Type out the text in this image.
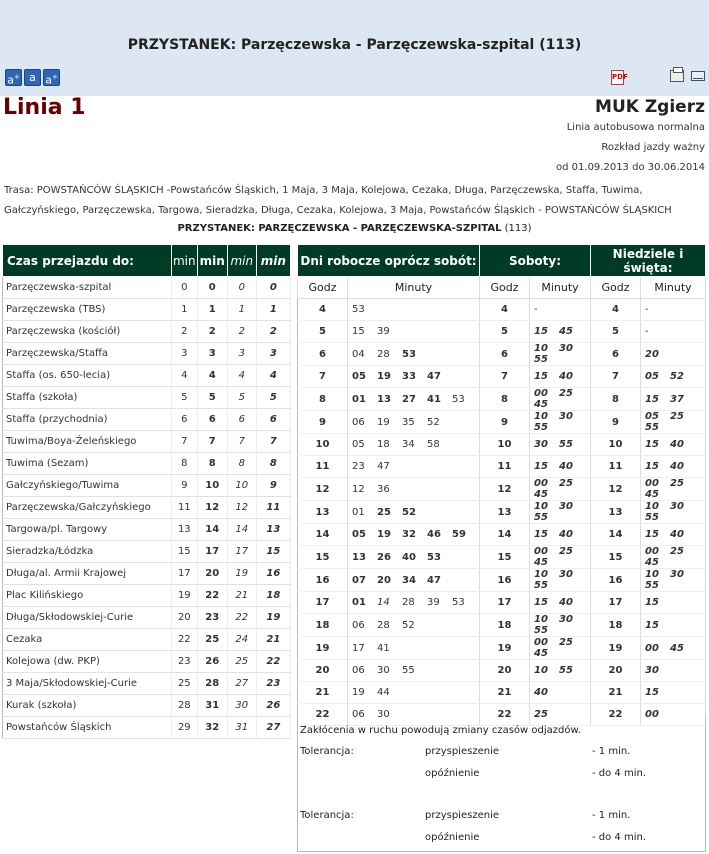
PRZYSTANEK: Parzęczewska - Parzęczewska-szpital (113)
a+ a a+	PDF
Linia 1	MUK Zgierz
Linia autobusowa normalna
Rozkład jazdy ważny
od 01.09.2013 do 30.06.2014
Trasa: POWSTAŃCÓW ŚLĄSKICH -Powstańców Śląskich, 1 Maja, 3 Maja, Kolejowa, Cezaka, Długa, Parzęczewska, Staffa, Tuwima, Gałczyńskiego, Parzęczewska, Targowa, Sieradzka, Długa, Cezaka, Kolejowa, 3 Maja, Powstańców Śląskich - POWSTAŃCÓW ŚLĄSKICH
PRZYSTANEK: PARZĘCZEWSKA - PARZĘCZEWSKA-SZPITAL (113)
Czas przejazdu do:	min	min	min	min
Parzęczewska-szpital	0	0	0	0
Parzęczewska (TBS)	1	1	1	1
Parzęczewska (kościół)	2	2	2	2
Parzęczewska/Staffa	3	3	3	3
Staffa (os. 650-lecia)	4	4	4	4
Staffa (szkoła)	5	5	5	5
Staffa (przychodnia)	6	6	6	6
Tuwima/Boya-Żeleńskiego	7	7	7	7
Tuwima (Sezam)	8	8	8	8
Gałczyńskiego/Tuwima	9	10	10	9
Parzęczewska/Gałczyńskiego	11	12	12	11
Targowa/pl. Targowy	13	14	14	13
Sieradzka/Łódzka	15	17	17	15
Długa/al. Armii Krajowej	17	20	19	16
Plac Kilińskiego	19	22	21	18
Długa/Skłodowskiej-Curie	20	23	22	19
Cezaka	22	25	24	21
Kolejowa (dw. PKP)	23	26	25	22
3 Maja/Skłodowskiej-Curie	25	28	27	23
Kurak (szkoła)	28	31	30	26
Powstańców Śląskich	29	32	31	27
Dni robocze oprócz sobót:		Soboty:		Niedziele i święta:	
Godz	Minuty	Godz	Minuty	Godz	Minuty
4	53	4	-	4	-
5	15 39	5	15 45	5	-
6	04 28 53	6	10 3055	6	20
7	05 19 33 47	7	15 40	7	05 52
8	01 13 27 41 53	8	00 2545	8	15 37
9	06 19 35 52	9	10 3055	9	05 2555
10	05 18 34 58	10	30 55	10	15 40
11	23 47	11	15 40	11	15 40
12	12 36	12	00 2545	12	00 2545
13	01 25 52	13	10 3055	13	10 3055
14	05 19 32 46 59	14	15 40	14	15 40
15	13 26 40 53	15	00 2545	15	00 2545
16	07 20 34 47	16	10 3055	16	10 3055
17	01 14 28 39 53	17	15 40	17	15
18	06 28 52	18	10 3055	18	15
19	17 41	19	00 2545	19	00 45
20	06 30 55	20	10 55	20	30
21	19 44	21	40	21	15
22	06 30	22	25	22	00
Zakłócenia w ruchu powodują zmiany czasów odjazdów.
Tolerancja:	przyspieszenie	- 1 min.
opóźnienie	- do 4 min.
Tolerancja:	przyspieszenie	- 1 min.
opóźnienie	- do 4 min.
